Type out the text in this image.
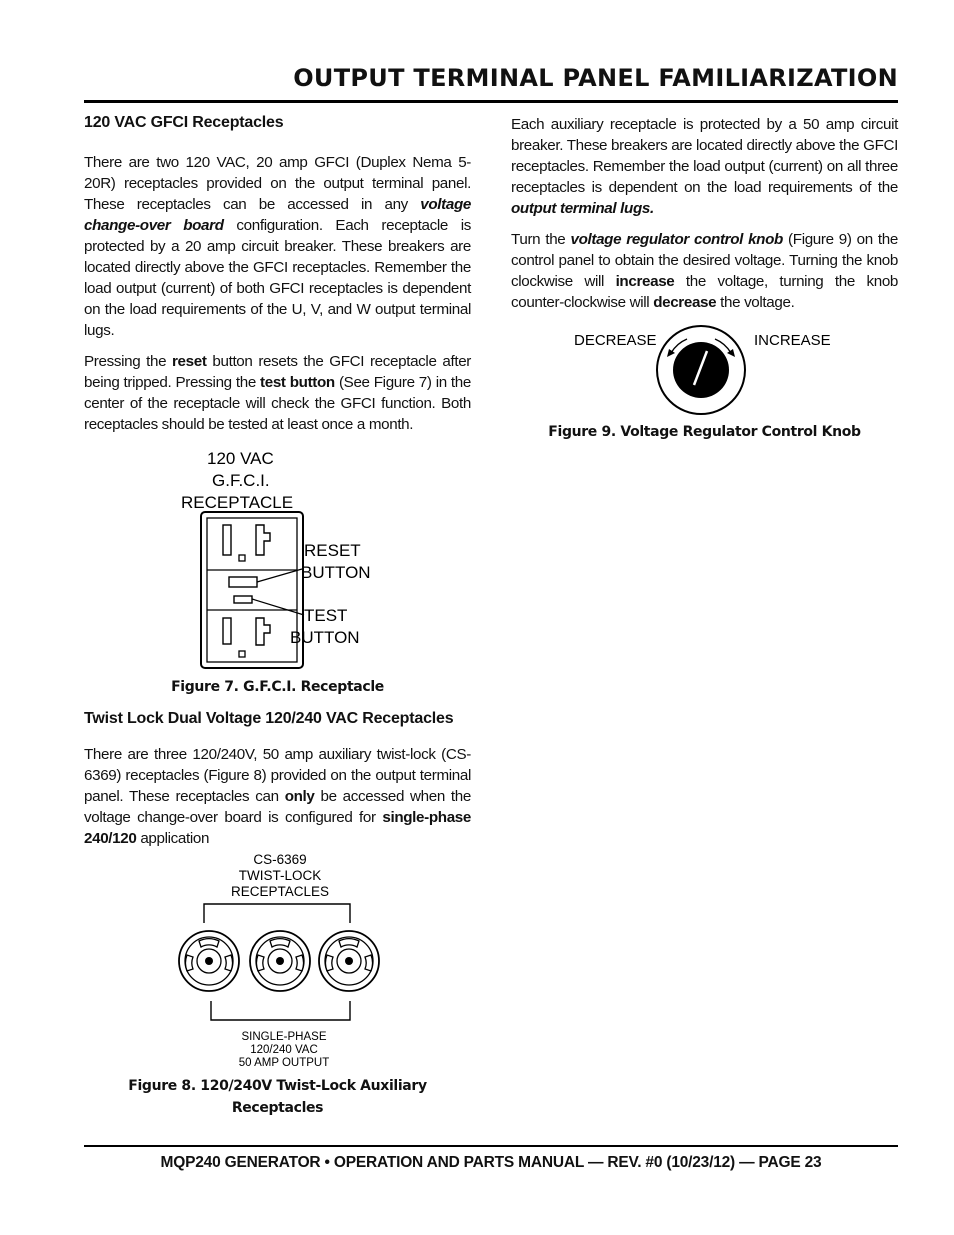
OUTPUT TERMINAL PANEL FAMILIARIZATION
120 VAC GFCI Receptacles

There are two 120 VAC, 20 amp GFCI (Duplex Nema 5-20R) receptacles provided on the output terminal panel. These receptacles can be accessed in any voltage change-over board configuration. Each receptacle is protected by a 20 amp circuit breaker. These breakers are located directly above the GFCI receptacles. Remember the load output (current) of both GFCI receptacles is dependent on the load requirements of the U, V, and W output terminal lugs.

Pressing the reset button resets the GFCI receptacle after being tripped. Pressing the test button (See Figure 7) in the center of the receptacle will check the GFCI function. Both receptacles should be tested at least once a month.

120 VAC
G.F.C.I.
RECEPTACLE
RESET
BUTTON
TEST
BUTTON

Figure 7. G.F.C.I. Receptacle

Twist Lock Dual Voltage 120/240 VAC Receptacles

There are three 120/240V, 50 amp auxiliary twist-lock (CS-6369) receptacles (Figure 8) provided on the output terminal panel. These receptacles can only be accessed when the voltage change-over board is configured for single-phase 240/120 application

CS-6369
TWIST-LOCK
RECEPTACLES
SINGLE-PHASE
120/240 VAC
50 AMP OUTPUT

Figure 8. 120/240V Twist-Lock Auxiliary

Receptacles

Each auxiliary receptacle is protected by a 50 amp circuit breaker. These breakers are located directly above the GFCI receptacles. Remember the load output (current) on all three receptacles is dependent on the load requirements of the output terminal lugs.

Turn the voltage regulator control knob (Figure 9) on the control panel to obtain the desired voltage. Turning the knob clockwise will increase the voltage, turning the knob counter-clockwise will decrease the voltage.

DECREASE	INCREASE

Figure 9. Voltage Regulator Control Knob

MQP240 GENERATOR • OPERATION AND PARTS MANUAL — REV. #0 (10/23/12) — PAGE 23
